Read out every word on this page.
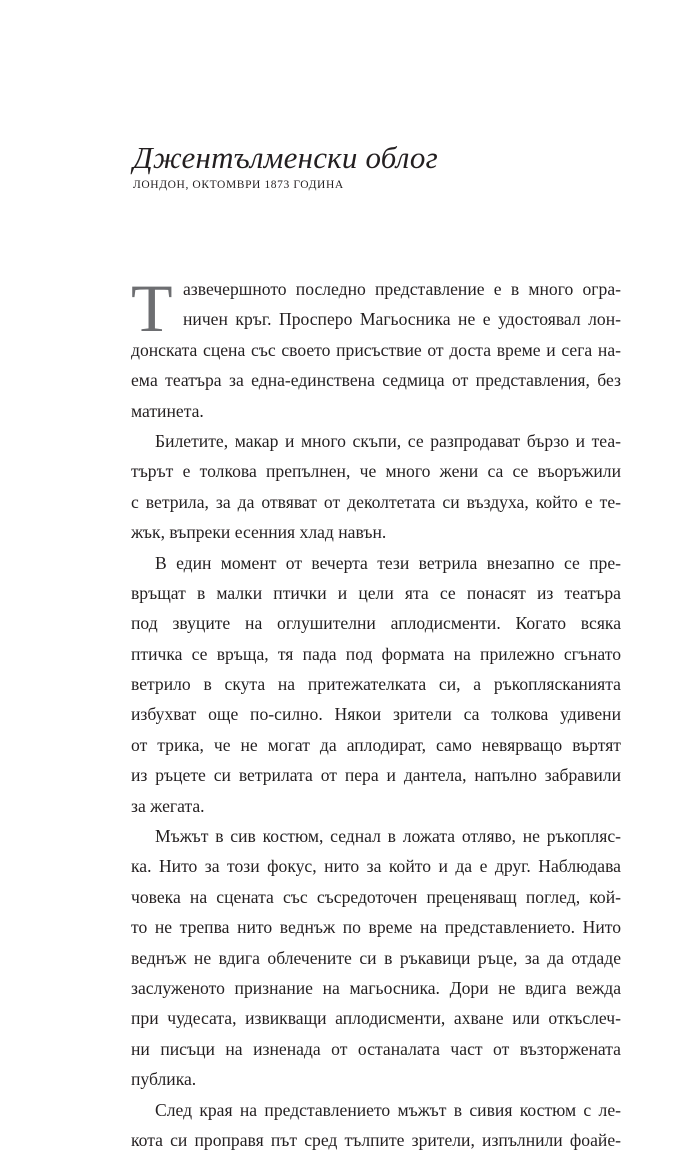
Джентълменски облог

ЛОНДОН, ОКТОМВРИ 1873 ГОДИНА

Т азвечершното последно представление е в много огра-
ничен кръг. Просперо Магьосника не е удостоявал лон-
донската сцена със своето присъствие от доста време и сега на-
емa театъра за една-единствена седмица от представления, без
матинета.
Билетите, макар и много скъпи, се разпродават бързо и теа-
търът е толкова препълнен, че много жени са се въоръжили
с ветрила, за да отвяват от деколтетата си въздуха, който е те-
жък, въпреки есенния хлад навън.
В един момент от вечерта тези ветрила внезапно се пре-
връщат в малки птички и цели ята се понасят из театъра
под звуците на оглушителни аплодисменти. Когато всяка
птичка се връща, тя пада под формата на прилежно сгънато
ветрило в скута на притежателката си, а ръкоплясканията
избухват още по-силно. Някои зрители са толкова удивени
от трика, че не могат да аплодират, само невярващо въртят
из ръцете си ветрилата от пера и дантела, напълно забравили
за жегата.
Мъжът в сив костюм, седнал в ложата отляво, не ръкопляс-
ка. Нито за този фокус, нито за който и да е друг. Наблюдава
човека на сцената със съсредоточен преценяващ поглед, кой-
то не трепва нито веднъж по време на представлението. Нито
веднъж не вдига облечените си в ръкавици ръце, за да отдаде
заслуженото признание на магьосника. Дори не вдига вежда
при чудесата, извикващи аплодисменти, ахване или откъслеч-
ни писъци на изненада от останалата част от възторжената
публика.
След края на представлението мъжът в сивия костюм с ле-
кота си проправя път сред тълпите зрители, изпълнили фоайе-
